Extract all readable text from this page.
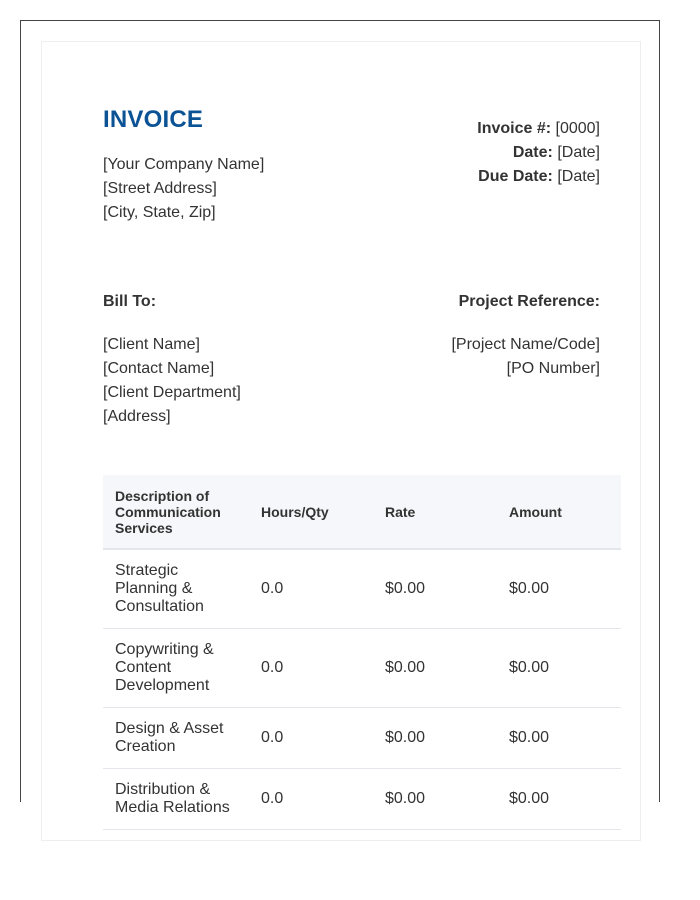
INVOICE
[Your Company Name]
[Street Address]
[City, State, Zip]
Invoice #: [0000]
Date: [Date]
Due Date: [Date]
Bill To:	Project Reference:
[Client Name]
[Contact Name]
[Client Department]
[Address]
[Project Name/Code]
[PO Number]
Description of Communication Services	Hours/Qty	Rate	Amount
Strategic Planning & Consultation	0.0	$0.00	$0.00
Copywriting & Content Development	0.0	$0.00	$0.00
Design & Asset Creation	0.0	$0.00	$0.00
Distribution & Media Relations	0.0	$0.00	$0.00
